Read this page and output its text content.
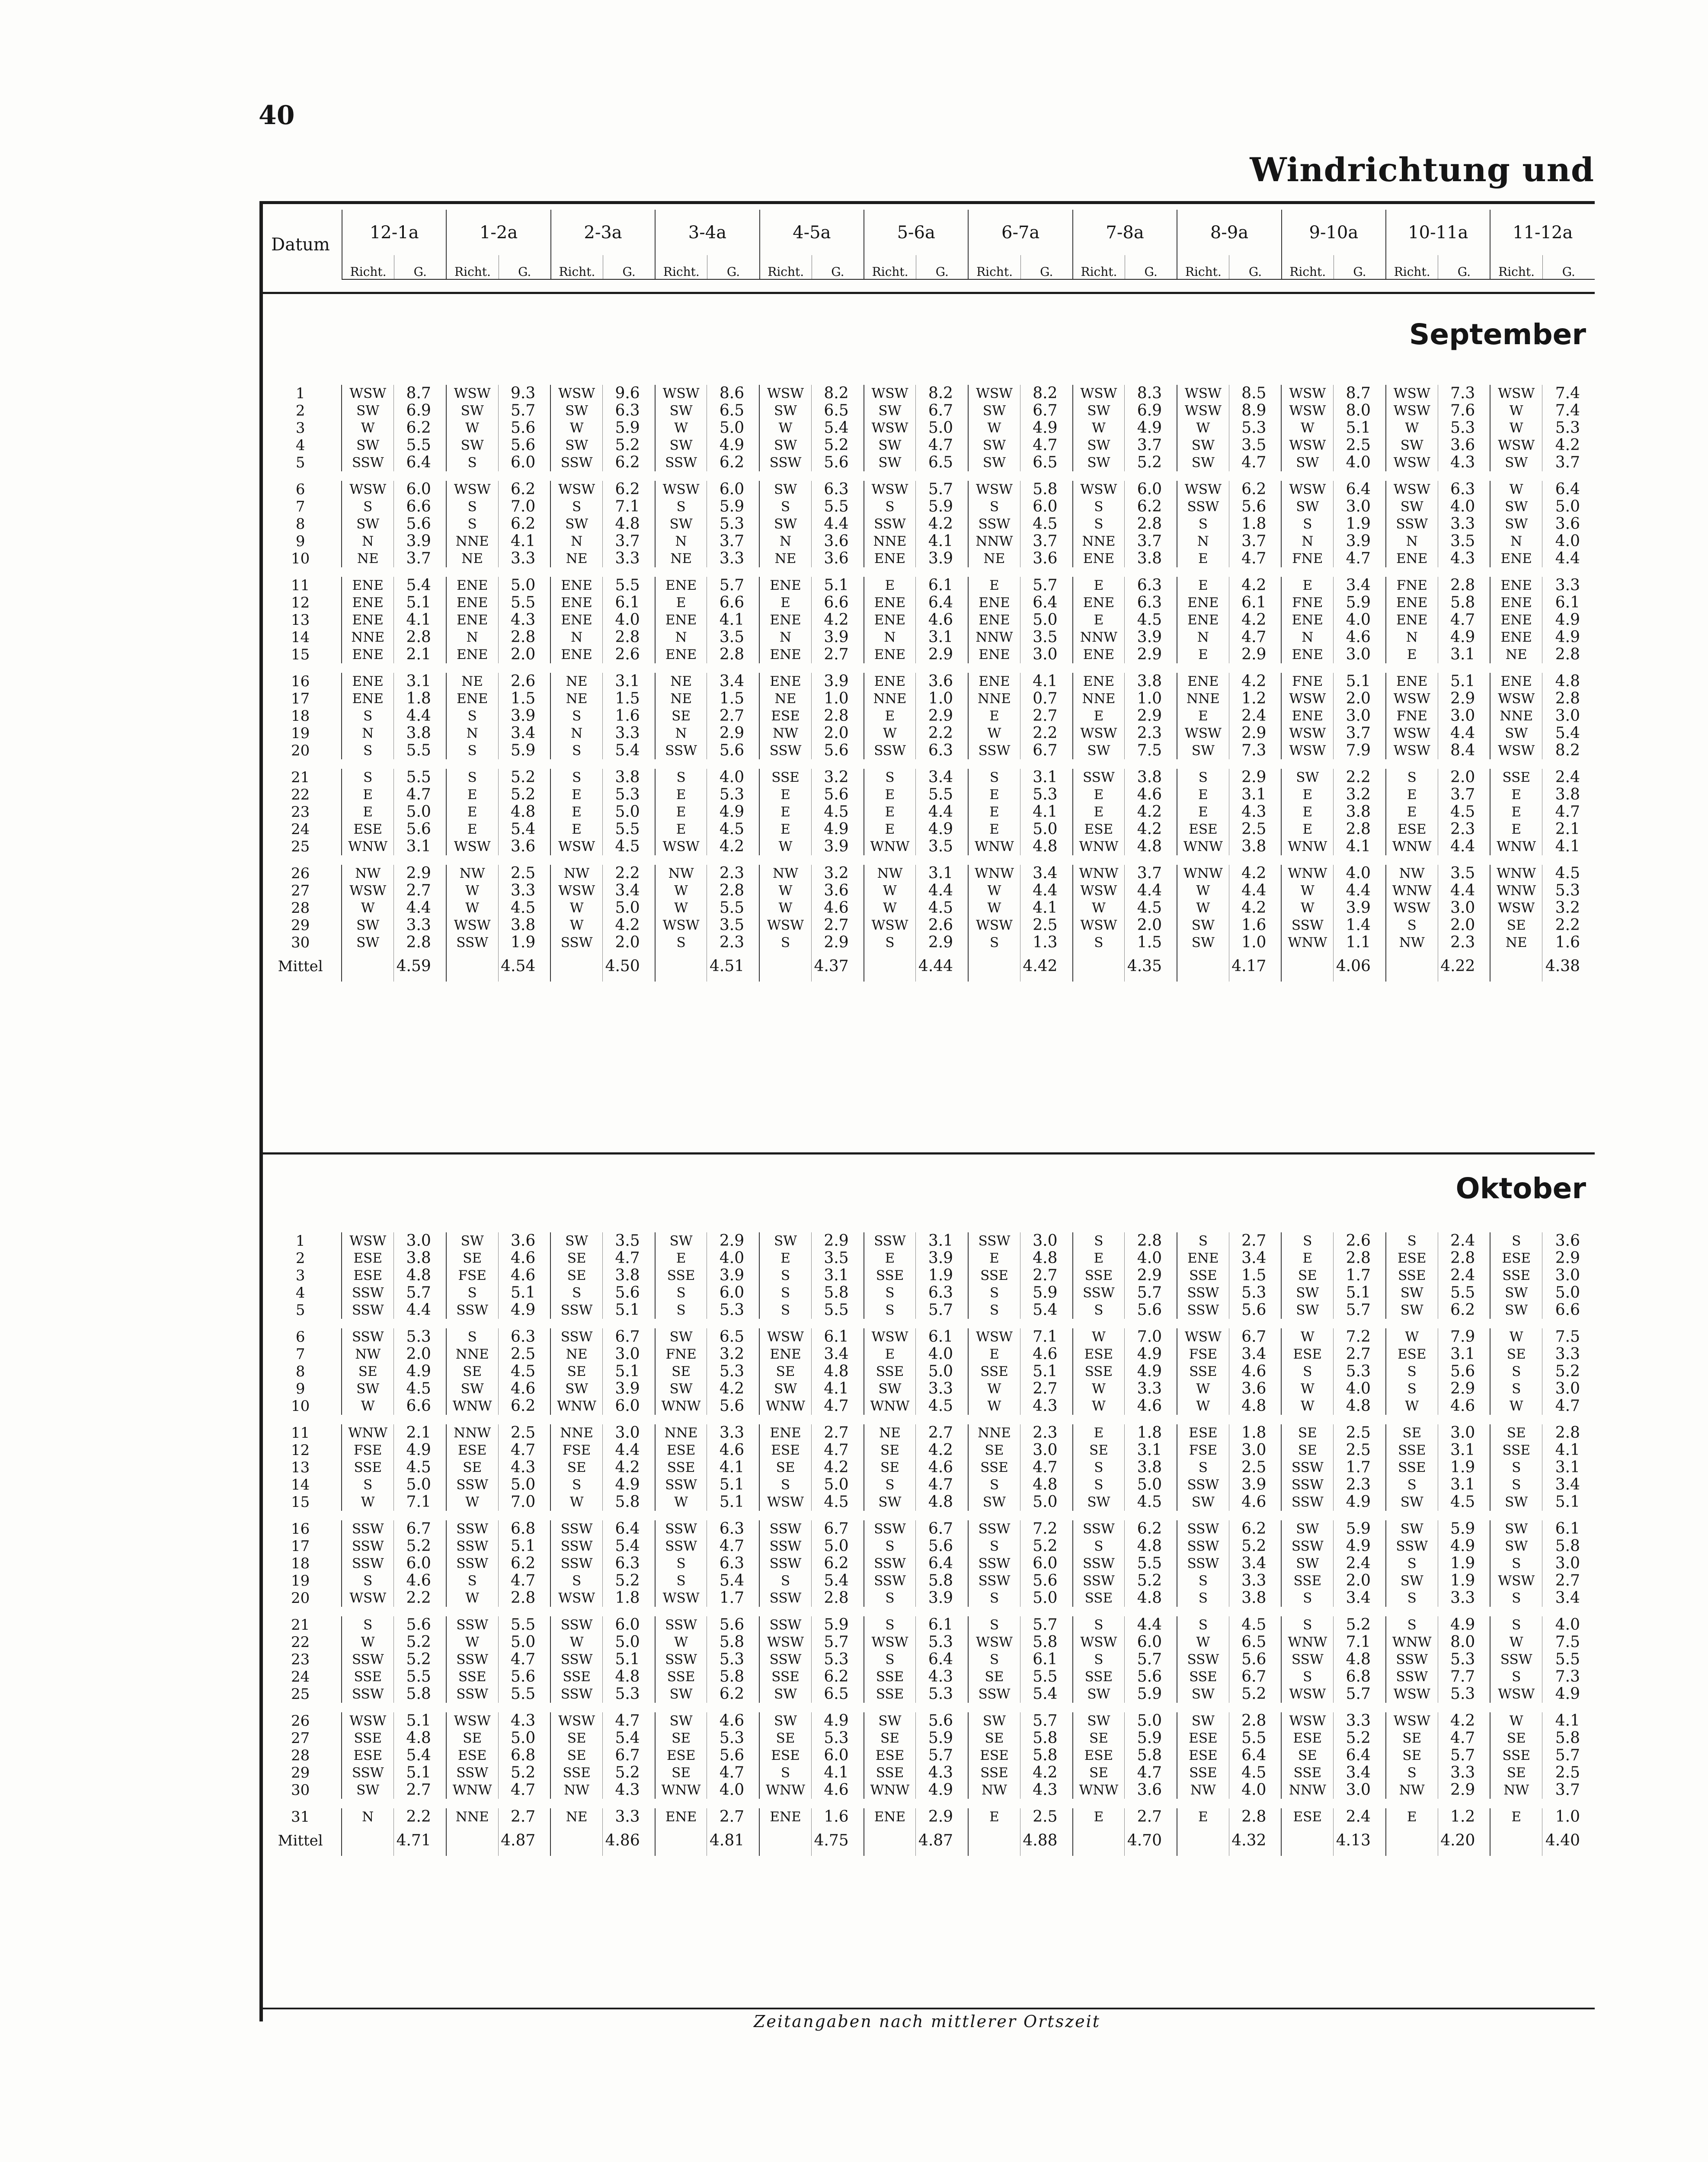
40
Windrichtung und
Datum	12-1a		1-2a		2-3a		3-4a		4-5a		5-6a		6-7a		7-8a		8-9a		9-10a		10-11a		11-12a	
	Richt.	G.	Richt.	G.	Richt.	G.	Richt.	G.	Richt.	G.	Richt.	G.	Richt.	G.	Richt.	G.	Richt.	G.	Richt.	G.	Richt.	G.	Richt.	G.
September
1	WSW	8.7	WSW	9.3	WSW	9.6	WSW	8.6	WSW	8.2	WSW	8.2	WSW	8.2	WSW	8.3	WSW	8.5	WSW	8.7	WSW	7.3	WSW	7.4
2	SW	6.9	SW	5.7	SW	6.3	SW	6.5	SW	6.5	SW	6.7	SW	6.7	SW	6.9	WSW	8.9	WSW	8.0	WSW	7.6	W	7.4
3	W	6.2	W	5.6	W	5.9	W	5.0	W	5.4	WSW	5.0	W	4.9	W	4.9	W	5.3	W	5.1	W	5.3	W	5.3
4	SW	5.5	SW	5.6	SW	5.2	SW	4.9	SW	5.2	SW	4.7	SW	4.7	SW	3.7	SW	3.5	WSW	2.5	SW	3.6	WSW	4.2
5	SSW	6.4	S	6.0	SSW	6.2	SSW	6.2	SSW	5.6	SW	6.5	SW	6.5	SW	5.2	SW	4.7	SW	4.0	WSW	4.3	SW	3.7

6	WSW	6.0	WSW	6.2	WSW	6.2	WSW	6.0	SW	6.3	WSW	5.7	WSW	5.8	WSW	6.0	WSW	6.2	WSW	6.4	WSW	6.3	W	6.4
7	S	6.6	S	7.0	S	7.1	S	5.9	S	5.5	S	5.9	S	6.0	S	6.2	SSW	5.6	SW	3.0	SW	4.0	SW	5.0
8	SW	5.6	S	6.2	SW	4.8	SW	5.3	SW	4.4	SSW	4.2	SSW	4.5	S	2.8	S	1.8	S	1.9	SSW	3.3	SW	3.6
9	N	3.9	NNE	4.1	N	3.7	N	3.7	N	3.6	NNE	4.1	NNW	3.7	NNE	3.7	N	3.7	N	3.9	N	3.5	N	4.0
10	NE	3.7	NE	3.3	NE	3.3	NE	3.3	NE	3.6	ENE	3.9	NE	3.6	ENE	3.8	E	4.7	FNE	4.7	ENE	4.3	ENE	4.4

11	ENE	5.4	ENE	5.0	ENE	5.5	ENE	5.7	ENE	5.1	E	6.1	E	5.7	E	6.3	E	4.2	E	3.4	FNE	2.8	ENE	3.3
12	ENE	5.1	ENE	5.5	ENE	6.1	E	6.6	E	6.6	ENE	6.4	ENE	6.4	ENE	6.3	ENE	6.1	FNE	5.9	ENE	5.8	ENE	6.1
13	ENE	4.1	ENE	4.3	ENE	4.0	ENE	4.1	ENE	4.2	ENE	4.6	ENE	5.0	E	4.5	ENE	4.2	ENE	4.0	ENE	4.7	ENE	4.9
14	NNE	2.8	N	2.8	N	2.8	N	3.5	N	3.9	N	3.1	NNW	3.5	NNW	3.9	N	4.7	N	4.6	N	4.9	ENE	4.9
15	ENE	2.1	ENE	2.0	ENE	2.6	ENE	2.8	ENE	2.7	ENE	2.9	ENE	3.0	ENE	2.9	E	2.9	ENE	3.0	E	3.1	NE	2.8

16	ENE	3.1	NE	2.6	NE	3.1	NE	3.4	ENE	3.9	ENE	3.6	ENE	4.1	ENE	3.8	ENE	4.2	FNE	5.1	ENE	5.1	ENE	4.8
17	ENE	1.8	ENE	1.5	NE	1.5	NE	1.5	NE	1.0	NNE	1.0	NNE	0.7	NNE	1.0	NNE	1.2	WSW	2.0	WSW	2.9	WSW	2.8
18	S	4.4	S	3.9	S	1.6	SE	2.7	ESE	2.8	E	2.9	E	2.7	E	2.9	E	2.4	ENE	3.0	FNE	3.0	NNE	3.0
19	N	3.8	N	3.4	N	3.3	N	2.9	NW	2.0	W	2.2	W	2.2	WSW	2.3	WSW	2.9	WSW	3.7	WSW	4.4	SW	5.4
20	S	5.5	S	5.9	S	5.4	SSW	5.6	SSW	5.6	SSW	6.3	SSW	6.7	SW	7.5	SW	7.3	WSW	7.9	WSW	8.4	WSW	8.2

21	S	5.5	S	5.2	S	3.8	S	4.0	SSE	3.2	S	3.4	S	3.1	SSW	3.8	S	2.9	SW	2.2	S	2.0	SSE	2.4
22	E	4.7	E	5.2	E	5.3	E	5.3	E	5.6	E	5.5	E	5.3	E	4.6	E	3.1	E	3.2	E	3.7	E	3.8
23	E	5.0	E	4.8	E	5.0	E	4.9	E	4.5	E	4.4	E	4.1	E	4.2	E	4.3	E	3.8	E	4.5	E	4.7
24	ESE	5.6	E	5.4	E	5.5	E	4.5	E	4.9	E	4.9	E	5.0	ESE	4.2	ESE	2.5	E	2.8	ESE	2.3	E	2.1
25	WNW	3.1	WSW	3.6	WSW	4.5	WSW	4.2	W	3.9	WNW	3.5	WNW	4.8	WNW	4.8	WNW	3.8	WNW	4.1	WNW	4.4	WNW	4.1

26	NW	2.9	NW	2.5	NW	2.2	NW	2.3	NW	3.2	NW	3.1	WNW	3.4	WNW	3.7	WNW	4.2	WNW	4.0	NW	3.5	WNW	4.5
27	WSW	2.7	W	3.3	WSW	3.4	W	2.8	W	3.6	W	4.4	W	4.4	WSW	4.4	W	4.4	W	4.4	WNW	4.4	WNW	5.3
28	W	4.4	W	4.5	W	5.0	W	5.5	W	4.6	W	4.5	W	4.1	W	4.5	W	4.2	W	3.9	WSW	3.0	WSW	3.2
29	SW	3.3	WSW	3.8	W	4.2	WSW	3.5	WSW	2.7	WSW	2.6	WSW	2.5	WSW	2.0	SW	1.6	SSW	1.4	S	2.0	SE	2.2
30	SW	2.8	SSW	1.9	SSW	2.0	S	2.3	S	2.9	S	2.9	S	1.3	S	1.5	SW	1.0	WNW	1.1	NW	2.3	NE	1.6
Mittel		4.59		4.54		4.50		4.51		4.37		4.44		4.42		4.35		4.17		4.06		4.22		4.38
Oktober
1	WSW	3.0	SW	3.6	SW	3.5	SW	2.9	SW	2.9	SSW	3.1	SSW	3.0	S	2.8	S	2.7	S	2.6	S	2.4	S	3.6
2	ESE	3.8	SE	4.6	SE	4.7	E	4.0	E	3.5	E	3.9	E	4.8	E	4.0	ENE	3.4	E	2.8	ESE	2.8	ESE	2.9
3	ESE	4.8	FSE	4.6	SE	3.8	SSE	3.9	S	3.1	SSE	1.9	SSE	2.7	SSE	2.9	SSE	1.5	SE	1.7	SSE	2.4	SSE	3.0
4	SSW	5.7	S	5.1	S	5.6	S	6.0	S	5.8	S	6.3	S	5.9	SSW	5.7	SSW	5.3	SW	5.1	SW	5.5	SW	5.0
5	SSW	4.4	SSW	4.9	SSW	5.1	S	5.3	S	5.5	S	5.7	S	5.4	S	5.6	SSW	5.6	SW	5.7	SW	6.2	SW	6.6

6	SSW	5.3	S	6.3	SSW	6.7	SW	6.5	WSW	6.1	WSW	6.1	WSW	7.1	W	7.0	WSW	6.7	W	7.2	W	7.9	W	7.5
7	NW	2.0	NNE	2.5	NE	3.0	FNE	3.2	ENE	3.4	E	4.0	E	4.6	ESE	4.9	FSE	3.4	ESE	2.7	ESE	3.1	SE	3.3
8	SE	4.9	SE	4.5	SE	5.1	SE	5.3	SE	4.8	SSE	5.0	SSE	5.1	SSE	4.9	SSE	4.6	S	5.3	S	5.6	S	5.2
9	SW	4.5	SW	4.6	SW	3.9	SW	4.2	SW	4.1	SW	3.3	W	2.7	W	3.3	W	3.6	W	4.0	S	2.9	S	3.0
10	W	6.6	WNW	6.2	WNW	6.0	WNW	5.6	WNW	4.7	WNW	4.5	W	4.3	W	4.6	W	4.8	W	4.8	W	4.6	W	4.7

11	WNW	2.1	NNW	2.5	NNE	3.0	NNE	3.3	ENE	2.7	NE	2.7	NNE	2.3	E	1.8	ESE	1.8	SE	2.5	SE	3.0	SE	2.8
12	FSE	4.9	ESE	4.7	FSE	4.4	ESE	4.6	ESE	4.7	SE	4.2	SE	3.0	SE	3.1	FSE	3.0	SE	2.5	SSE	3.1	SSE	4.1
13	SSE	4.5	SE	4.3	SE	4.2	SSE	4.1	SE	4.2	SE	4.6	SSE	4.7	S	3.8	S	2.5	SSW	1.7	SSE	1.9	S	3.1
14	S	5.0	SSW	5.0	S	4.9	SSW	5.1	S	5.0	S	4.7	S	4.8	S	5.0	SSW	3.9	SSW	2.3	S	3.1	S	3.4
15	W	7.1	W	7.0	W	5.8	W	5.1	WSW	4.5	SW	4.8	SW	5.0	SW	4.5	SW	4.6	SSW	4.9	SW	4.5	SW	5.1

16	SSW	6.7	SSW	6.8	SSW	6.4	SSW	6.3	SSW	6.7	SSW	6.7	SSW	7.2	SSW	6.2	SSW	6.2	SW	5.9	SW	5.9	SW	6.1
17	SSW	5.2	SSW	5.1	SSW	5.4	SSW	4.7	SSW	5.0	S	5.6	S	5.2	S	4.8	SSW	5.2	SSW	4.9	SSW	4.9	SW	5.8
18	SSW	6.0	SSW	6.2	SSW	6.3	S	6.3	SSW	6.2	SSW	6.4	SSW	6.0	SSW	5.5	SSW	3.4	SW	2.4	S	1.9	S	3.0
19	S	4.6	S	4.7	S	5.2	S	5.4	S	5.4	SSW	5.8	SSW	5.6	SSW	5.2	S	3.3	SSE	2.0	SW	1.9	WSW	2.7
20	WSW	2.2	W	2.8	WSW	1.8	WSW	1.7	SSW	2.8	S	3.9	S	5.0	SSE	4.8	S	3.8	S	3.4	S	3.3	S	3.4

21	S	5.6	SSW	5.5	SSW	6.0	SSW	5.6	SSW	5.9	S	6.1	S	5.7	S	4.4	S	4.5	S	5.2	S	4.9	S	4.0
22	W	5.2	W	5.0	W	5.0	W	5.8	WSW	5.7	WSW	5.3	WSW	5.8	WSW	6.0	W	6.5	WNW	7.1	WNW	8.0	W	7.5
23	SSW	5.2	SSW	4.7	SSW	5.1	SSW	5.3	SSW	5.3	S	6.4	S	6.1	S	5.7	SSW	5.6	SSW	4.8	SSW	5.3	SSW	5.5
24	SSE	5.5	SSE	5.6	SSE	4.8	SSE	5.8	SSE	6.2	SSE	4.3	SE	5.5	SSE	5.6	SSE	6.7	S	6.8	SSW	7.7	S	7.3
25	SSW	5.8	SSW	5.5	SSW	5.3	SW	6.2	SW	6.5	SSE	5.3	SSW	5.4	SW	5.9	SW	5.2	WSW	5.7	WSW	5.3	WSW	4.9

26	WSW	5.1	WSW	4.3	WSW	4.7	SW	4.6	SW	4.9	SW	5.6	SW	5.7	SW	5.0	SW	2.8	WSW	3.3	WSW	4.2	W	4.1
27	SSE	4.8	SE	5.0	SE	5.4	SE	5.3	SE	5.3	SE	5.9	SE	5.8	SE	5.9	ESE	5.5	ESE	5.2	SE	4.7	SE	5.8
28	ESE	5.4	ESE	6.8	SE	6.7	ESE	5.6	ESE	6.0	ESE	5.7	ESE	5.8	ESE	5.8	ESE	6.4	SE	6.4	SE	5.7	SSE	5.7
29	SSW	5.1	SSW	5.2	SSE	5.2	SE	4.7	S	4.1	SSE	4.3	SSE	4.2	SE	4.7	SSE	4.5	SSE	3.4	S	3.3	SE	2.5
30	SW	2.7	WNW	4.7	NW	4.3	WNW	4.0	WNW	4.6	WNW	4.9	NW	4.3	WNW	3.6	NW	4.0	NNW	3.0	NW	2.9	NW	3.7

31	N	2.2	NNE	2.7	NE	3.3	ENE	2.7	ENE	1.6	ENE	2.9	E	2.5	E	2.7	E	2.8	ESE	2.4	E	1.2	E	1.0
Mittel		4.71		4.87		4.86		4.81		4.75		4.87		4.88		4.70		4.32		4.13		4.20		4.40
Zeitangaben nach mittlerer Ortszeit
